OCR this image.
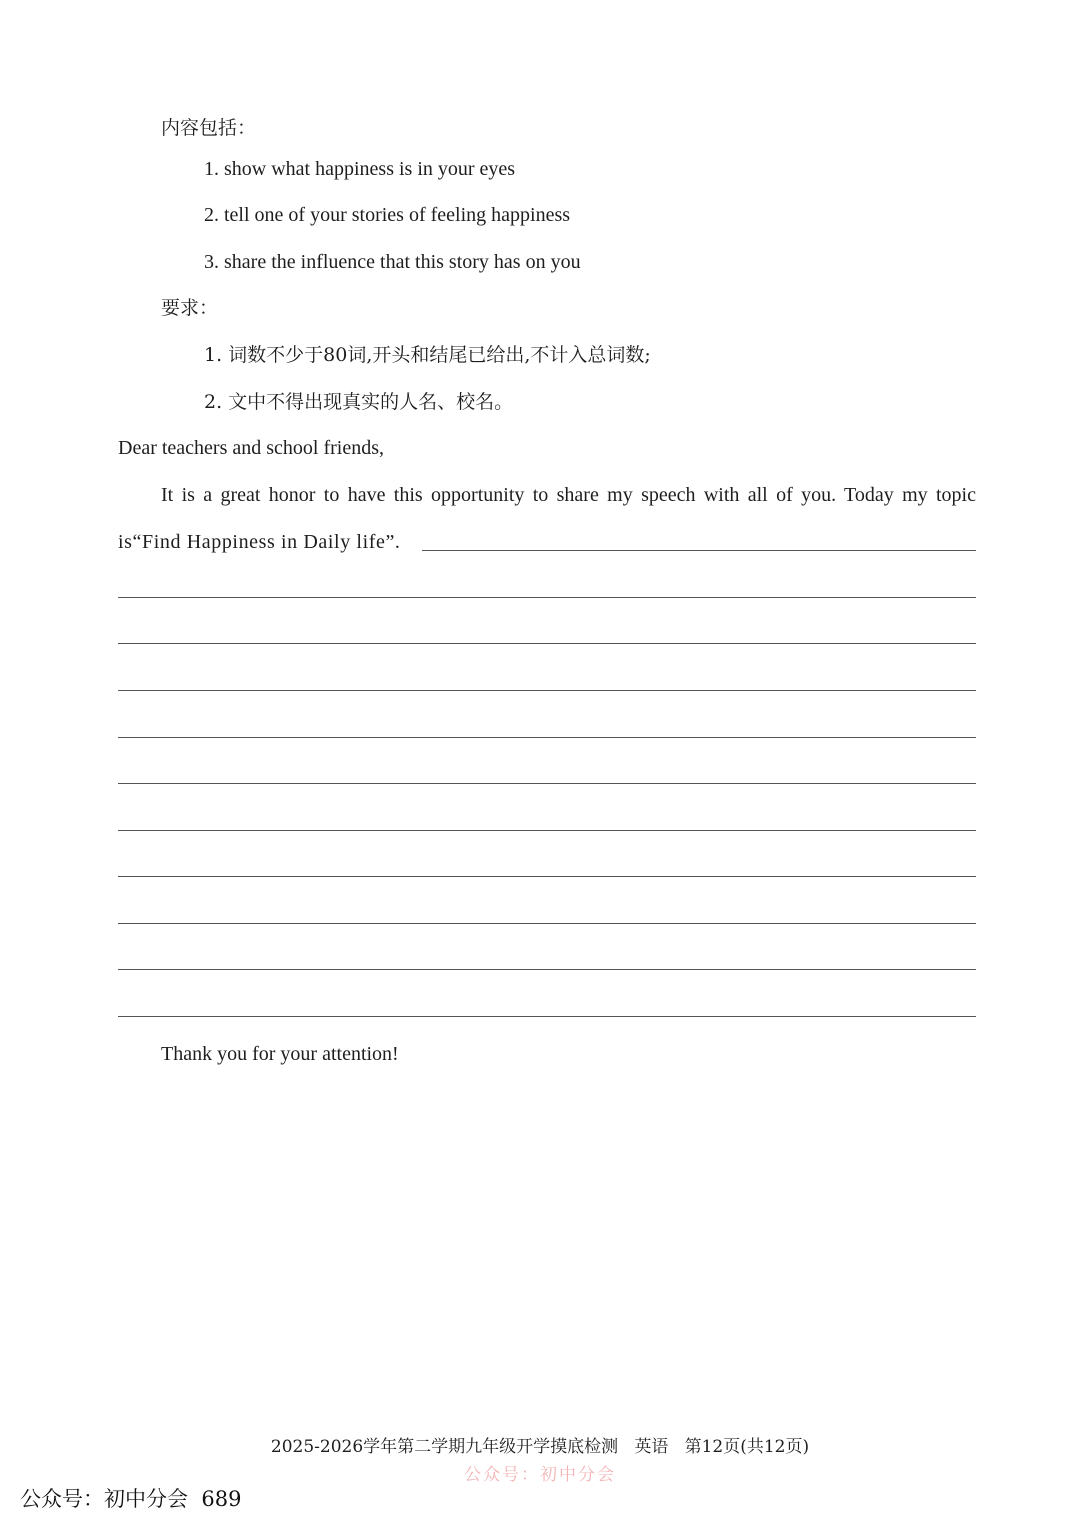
内容包括：
1. show what happiness is in your eyes
2. tell one of your stories of feeling happiness
3. share the influence that this story has on you
要求：
1. 词数不少于80词,开头和结尾已给出,不计入总词数;
2. 文中不得出现真实的人名、校名。
Dear teachers and school friends,
It is a great honor to have this opportunity to share my speech with all of you. Today my topic
is“Find Happiness in Daily life”.
Thank you for your attention!
2025-2026学年第二学期九年级开学摸底检测   英语   第12页(共12页)
公众号：初中分会
公众号：初中分会  689
